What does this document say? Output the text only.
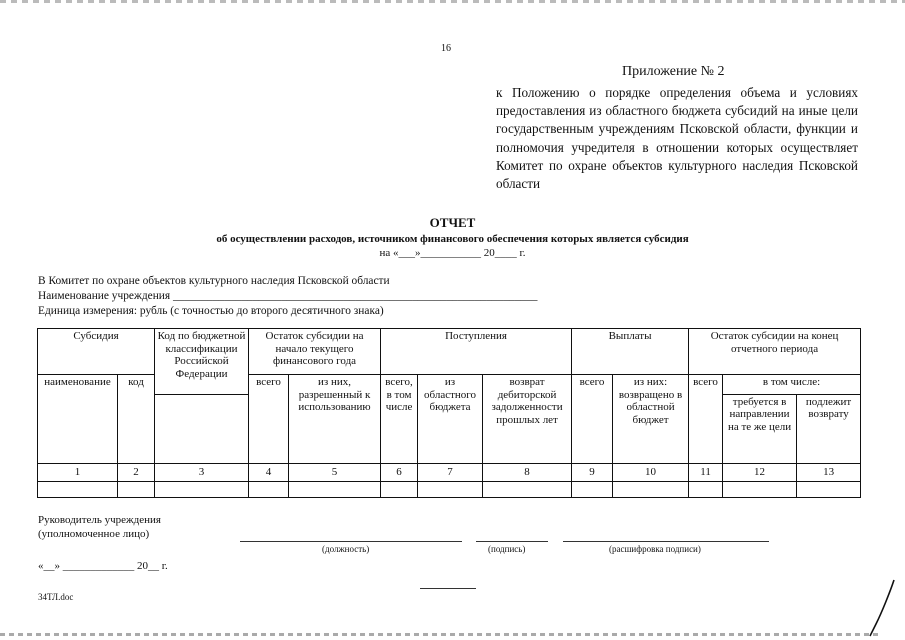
16
Приложение № 2
к Положению о порядке определения объема и условиях предоставления из областного бюджета субсидий на иные цели государственным учреждениям Псковской области, функции и полномочия учредителя в отношении которых осуществляет Комитет по охране объектов культурного наследия Псковской области
ОТЧЕТ
об осуществлении расходов, источником финансового обеспечения которых является субсидия
на «___»___________ 20____ г.
В Комитет по охране объектов культурного наследия Псковской области
Наименование учреждения ________________________________________________________________
Единица измерения: рубль (с точностью до второго десятичного знака)
Субсидия		Код по бюджетной классификации Российской Федерации	Остаток субсидии на начало текущего финансового года		Поступления			Выплаты		Остаток субсидии на конец отчетного периода		
наименование	код		всего	из них, разрешенный к использованию	всего, в том числе	из областного бюджета	возврат дебиторской задолженности прошлых лет	всего	из них: возвращено в областной бюджет	всего	в том числе:	
											требуется в направлении на те же цели	подлежит возврату
1	2	3	4	5	6	7	8	9	10	11	12	13

Руководитель учреждения
(уполномоченное лицо)
(должность)	(подпись)	(расшифровка подписи)
«__» _____________ 20__ г.
34ТЛ.doc
